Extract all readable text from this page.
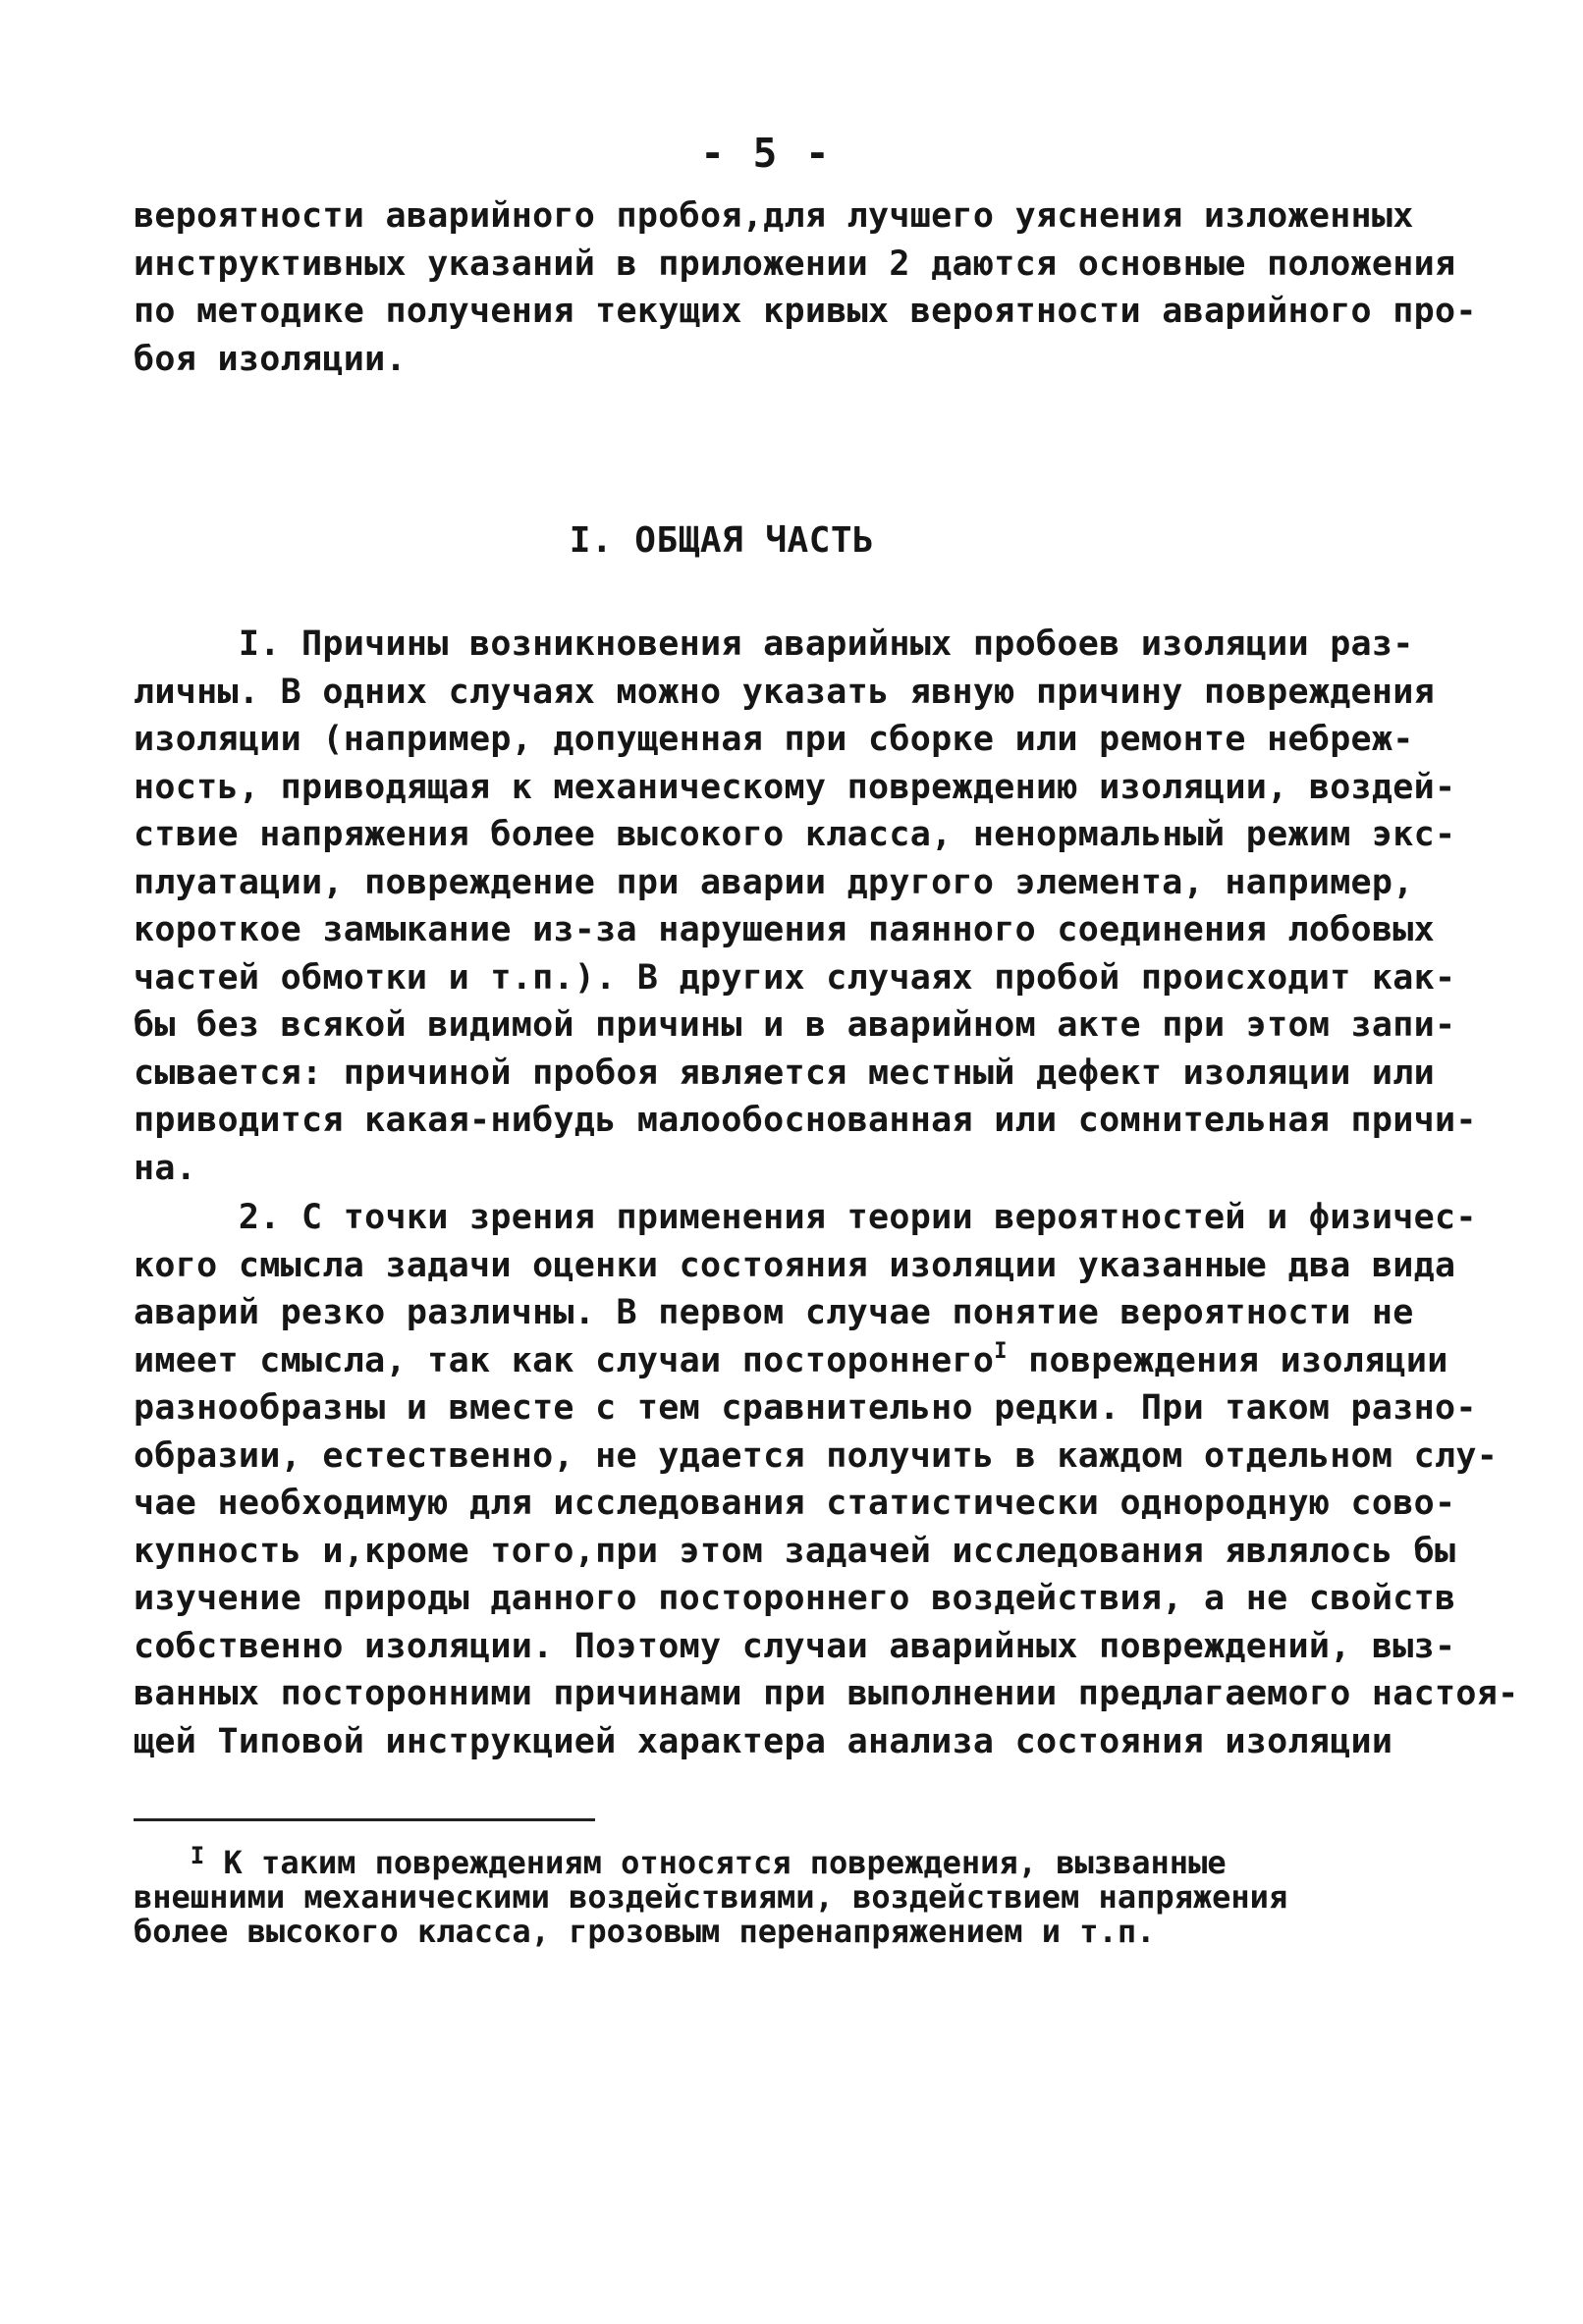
- 5 -
вероятности аварийного пробоя,для лучшего уяснения изложенных
инструктивных указаний в приложении 2 даются основные положения
по методике получения текущих кривых вероятности аварийного про-
боя изоляции.
I. ОБЩАЯ ЧАСТЬ
I. Причины возникновения аварийных пробоев изоляции раз-
личны. В одних случаях можно указать явную причину повреждения
изоляции (например, допущенная при сборке или ремонте небреж-
ность, приводящая к механическому повреждению изоляции, воздей-
ствие напряжения более высокого класса, ненормальный режим экс-
плуатации, повреждение при аварии другого элемента, например,
короткое замыкание из-за нарушения паянного соединения лобовых
частей обмотки и т.п.). В других случаях пробой происходит как-
бы без всякой видимой причины и в аварийном акте при этом запи-
сывается: причиной пробоя является местный дефект изоляции или
приводится какая-нибудь малообоснованная или сомнительная причи-
на.
2. С точки зрения применения теории вероятностей и физичес-
кого смысла задачи оценки состояния изоляции указанные два вида
аварий резко различны. В первом случае понятие вероятности не
имеет смысла, так как случаи постороннего$^I$ повреждения изоляции
разнообразны и вместе с тем сравнительно редки. При таком разно-
образии, естественно, не удается получить в каждом отдельном слу-
чае необходимую для исследования статистически однородную сово-
купность и,кроме того,при этом задачей исследования являлось бы
изучение природы данного постороннего воздействия, а не свойств
собственно изоляции. Поэтому случаи аварийных повреждений, выз-
ванных посторонними причинами при выполнении предлагаемого настоя-
щей Типовой инструкцией характера анализа состояния изоляции
$^I$ К таким повреждениям относятся повреждения, вызванные
внешними механическими воздействиями, воздействием напряжения
более высокого класса, грозовым перенапряжением и т.п.
